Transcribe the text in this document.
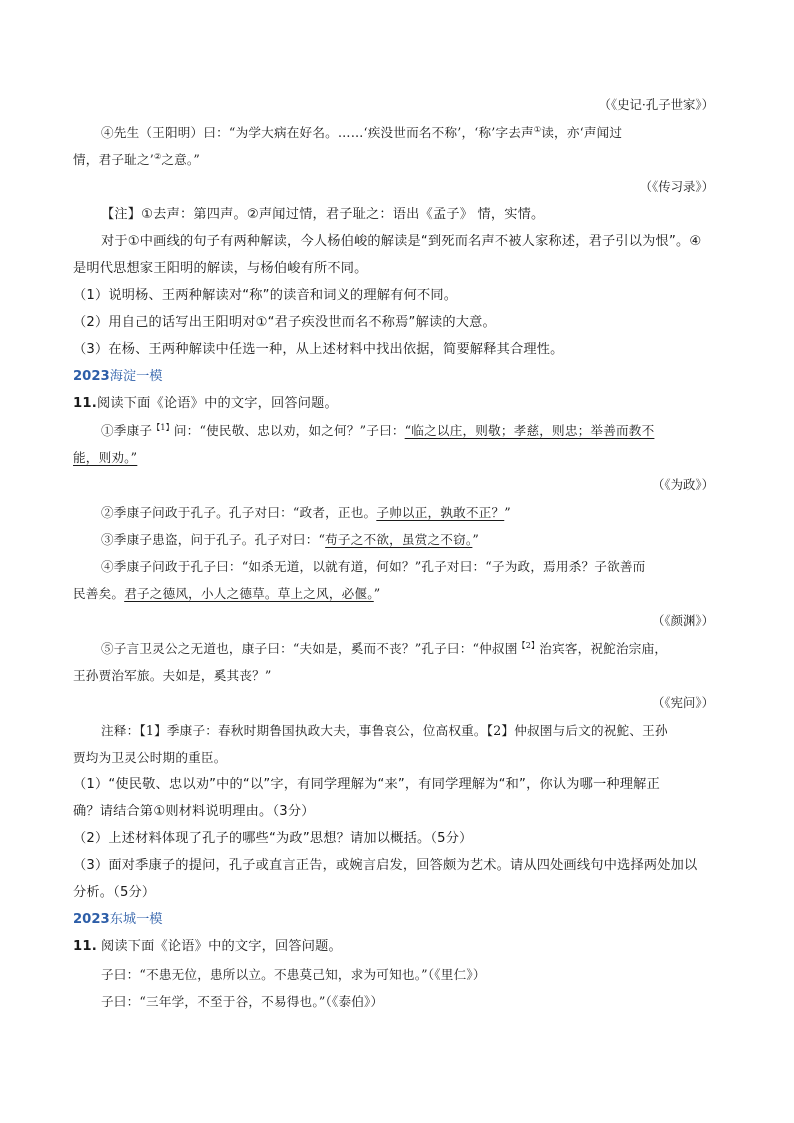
（《史记·孔子世家》）
④先生（王阳明）曰：“为学大病在好名。……‘疾没世而名不称’，‘称’字去声①读，亦‘声闻过
情，君子耻之’②之意。”
（《传习录》）
【注】①去声：第四声。②声闻过情，君子耻之：语出《孟子》 情，实情。
对于①中画线的句子有两种解读，今人杨伯峻的解读是“到死而名声不被人家称述，君子引以为恨”。④
是明代思想家王阳明的解读，与杨伯峻有所不同。
（1）说明杨、王两种解读对“称”的读音和词义的理解有何不同。
（2）用自己的话写出王阳明对①“君子疾没世而名不称焉”解读的大意。
（3）在杨、王两种解读中任选一种，从上述材料中找出依据，简要解释其合理性。
2023海淀一模
11.阅读下面《论语》中的文字，回答问题。
①季康子$^{【1】}$问：“使民敬、忠以劝，如之何？”子曰：“临之以庄，则敬；孝慈，则忠；举善而教不
能，则劝。”
（《为政》）
②季康子问政于孔子。孔子对曰：“政者，正也。子帅以正，孰敢不正？”
③季康子患盗，问于孔子。孔子对曰：“苟子之不欲，虽赏之不窃。”
④季康子问政于孔子曰：“如杀无道，以就有道，何如？”孔子对曰：“子为政，焉用杀？子欲善而
民善矣。君子之德风，小人之德草。草上之风，必偃。”
（《颜渊》）
⑤子言卫灵公之无道也，康子曰：“夫如是，奚而不丧？”孔子曰：“仲叔圉$^{【2】}$治宾客，祝鮀治宗庙，
王孙贾治军旅。夫如是，奚其丧？”
（《宪问》）
注释：【1】季康子：春秋时期鲁国执政大夫，事鲁哀公，位高权重。【2】仲叔圉与后文的祝鮀、王孙
贾均为卫灵公时期的重臣。
（1）“使民敬、忠以劝”中的“以”字，有同学理解为“来”，有同学理解为“和”，你认为哪一种理解正
确？请结合第①则材料说明理由。（3分）
（2）上述材料体现了孔子的哪些“为政”思想？请加以概括。（5分）
（3）面对季康子的提问，孔子或直言正告，或婉言启发，回答颇为艺术。请从四处画线句中选择两处加以
分析。（5分）
2023东城一模
11. 阅读下面《论语》中的文字，回答问题。
子曰：“不患无位，患所以立。不患莫己知，求为可知也。”（《里仁》）
子曰：“三年学，不至于谷，不易得也。”（《泰伯》）
